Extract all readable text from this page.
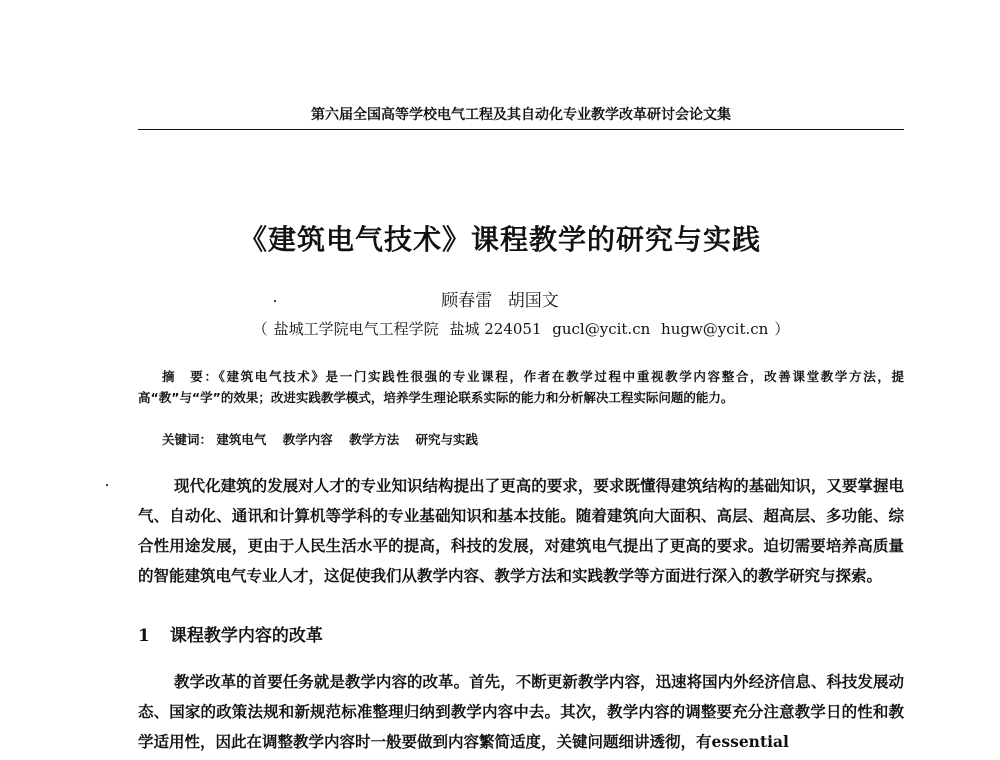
第六届全国高等学校电气工程及其自动化专业教学改革研讨会论文集
《建筑电气技术》课程教学的研究与实践
顾春雷 胡国文
（ 盐城工学院电气工程学院 盐城 224051 gucl@ycit.cn hugw@ycit.cn ）
摘　要：《建筑电气技术》是一门实践性很强的专业课程，作者在教学过程中重视教学内容整合，改善课堂教学方法，提高“教”与“学”的效果；改进实践教学模式，培养学生理论联系实际的能力和分析解决工程实际问题的能力。
关键词： 建筑电气 教学内容 教学方法 研究与实践
现代化建筑的发展对人才的专业知识结构提出了更高的要求，要求既懂得建筑结构的基础知识，又要掌握电气、自动化、通讯和计算机等学科的专业基础知识和基本技能。随着建筑向大面积、高层、超高层、多功能、综合性用途发展，更由于人民生活水平的提高，科技的发展，对建筑电气提出了更高的要求。迫切需要培养高质量的智能建筑电气专业人才，这促使我们从教学内容、教学方法和实践教学等方面进行深入的教学研究与探索。
1 课程教学内容的改革
教学改革的首要任务就是教学内容的改革。首先，不断更新教学内容，迅速将国内外经济信息、科技发展动态、国家的政策法规和新规范标准整理归纳到教学内容中去。其次，教学内容的调整要充分注意教学日的性和教学适用性，因此在调整教学内容时一般要做到内容繁简适度，关键问题细讲透彻，有essential
